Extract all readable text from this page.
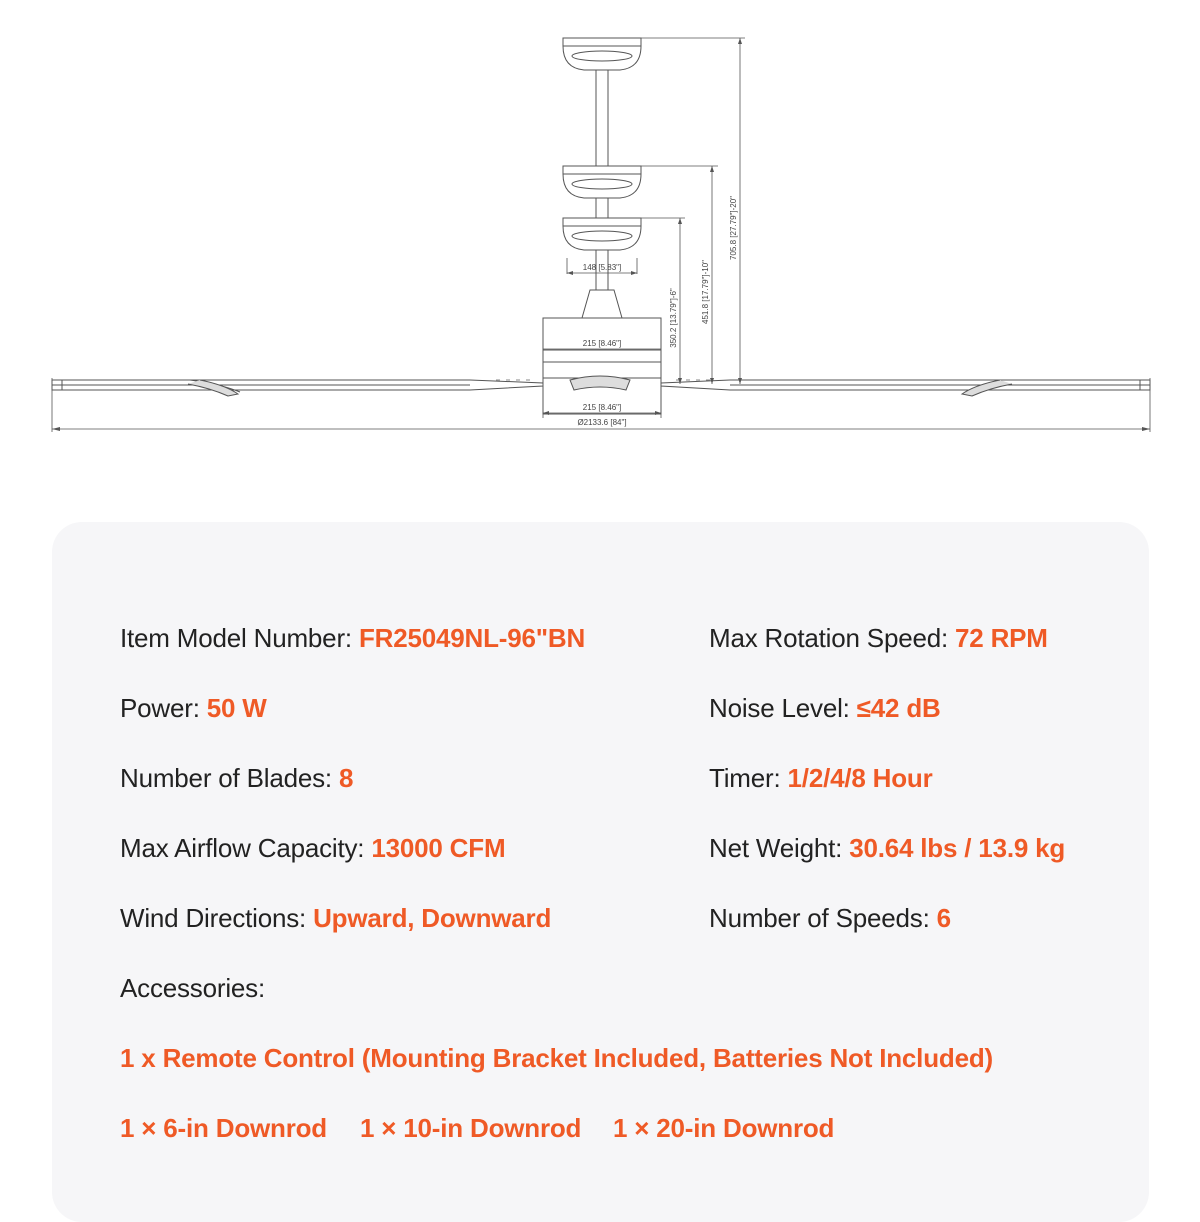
148 [5.83"]
215 [8.46"]
215 [8.46"]
Ø2133.6 [84"]
350.2 [13.79"]-6"	451.8 [17.79"]-10"
705.8 [27.79"]-20"
Item Model Number: FR25049NL-96"BN
Power: 50 W
Number of Blades: 8
Max Airflow Capacity: 13000 CFM
Wind Directions: Upward, Downward
Max Rotation Speed: 72 RPM
Noise Level: ≤42 dB
Timer: 1/2/4/8 Hour
Net Weight: 30.64 lbs / 13.9 kg
Number of Speeds: 6
Accessories:
1 x Remote Control (Mounting Bracket Included, Batteries Not Included)
1 × 6-in Downrod 1 × 10-in Downrod 1 × 20-in Downrod
